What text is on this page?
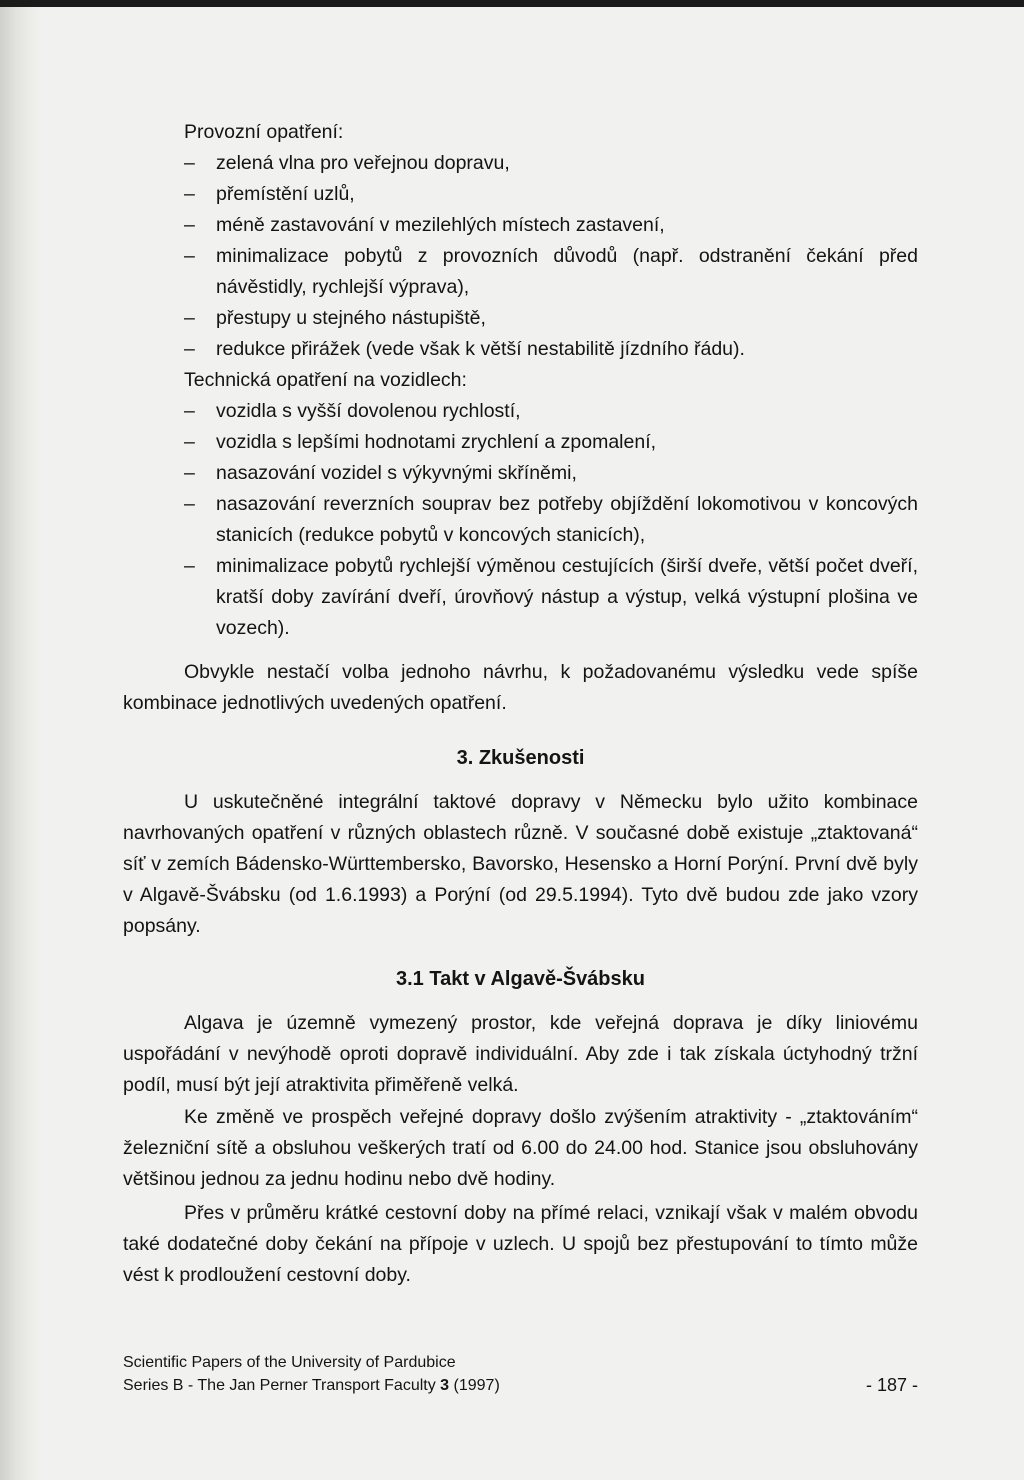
Provozní opatření:

– zelená vlna pro veřejnou dopravu,
– přemístění uzlů,
– méně zastavování v mezilehlých místech zastavení,
– minimalizace pobytů z provozních důvodů (např. odstranění čekání před návěstidly, rychlejší výprava),
– přestupy u stejného nástupiště,
– redukce přirážek (vede však k větší nestabilitě jízdního řádu).

Technická opatření na vozidlech:

– vozidla s vyšší dovolenou rychlostí,
– vozidla s lepšími hodnotami zrychlení a zpomalení,
– nasazování vozidel s výkyvnými skříněmi,
– nasazování reverzních souprav bez potřeby objíždění lokomotivou v koncových stanicích (redukce pobytů v koncových stanicích),
– minimalizace pobytů rychlejší výměnou cestujících (širší dveře, větší počet dveří, kratší doby zavírání dveří, úrovňový nástup a výstup, velká výstupní plošina ve vozech).

Obvykle nestačí volba jednoho návrhu, k požadovanému výsledku vede spíše kombinace jednotlivých uvedených opatření.

3. Zkušenosti

U uskutečněné integrální taktové dopravy v Německu bylo užito kombinace navrhovaných opatření v různých oblastech různě. V současné době existuje „ztaktovaná“ síť v zemích Bádensko-Württembersko, Bavorsko, Hesensko a Horní Porýní. První dvě byly v Algavě-Švábsku (od 1.6.1993) a Porýní (od 29.5.1994). Tyto dvě budou zde jako vzory popsány.

3.1 Takt v Algavě-Švábsku

Algava je územně vymezený prostor, kde veřejná doprava je díky liniovému uspořádání v nevýhodě oproti dopravě individuální. Aby zde i tak získala úctyhodný tržní podíl, musí být její atraktivita přiměřeně velká.

Ke změně ve prospěch veřejné dopravy došlo zvýšením atraktivity - „ztaktováním“ železniční sítě a obsluhou veškerých tratí od 6.00 do 24.00 hod. Stanice jsou obsluhovány většinou jednou za jednu hodinu nebo dvě hodiny.

Přes v průměru krátké cestovní doby na přímé relaci, vznikají však v malém obvodu také dodatečné doby čekání na přípoje v uzlech. U spojů bez přestupování to tímto může vést k prodloužení cestovní doby.

Scientific Papers of the University of Pardubice
Series B - The Jan Perner Transport Faculty 3 (1997)	- 187 -
